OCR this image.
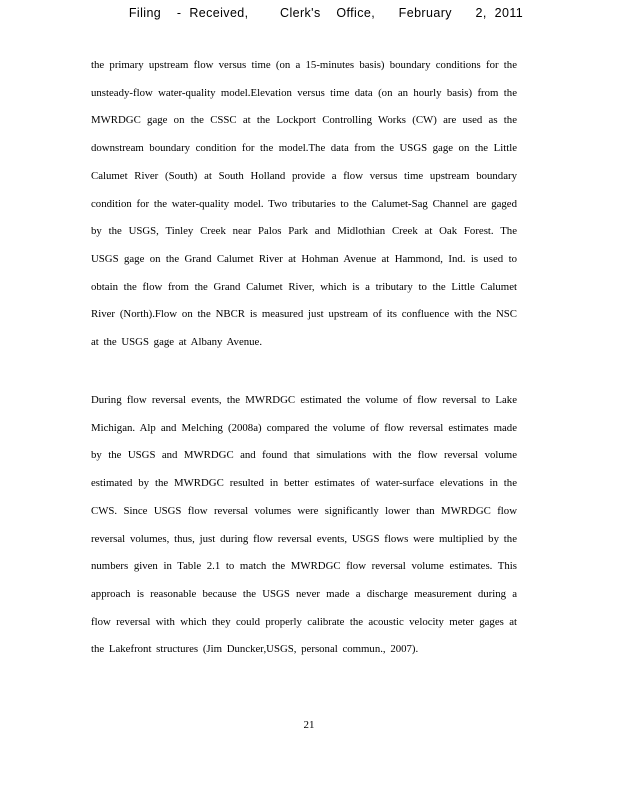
Filing  - Received,    Clerk's  Office,   February   2, 2011

the primary upstream flow versus time (on a 15-minutes basis) boundary conditions for the unsteady-flow water-quality model.Elevation versus time data (on an hourly basis) from the MWRDGC gage on the CSSC at the Lockport Controlling Works (CW) are used as the downstream boundary condition for the model.The data from the USGS gage on the Little Calumet River (South) at South Holland provide a flow versus time upstream boundary condition for the water-quality model. Two tributaries to the Calumet-Sag Channel are gaged by the USGS, Tinley Creek near Palos Park and Midlothian Creek at Oak Forest. The USGS gage on the Grand Calumet River at Hohman Avenue at Hammond, Ind. is used to obtain the flow from the Grand Calumet River, which is a tributary to the Little Calumet River (North).Flow on the NBCR is measured just upstream of its confluence with the NSC at the USGS gage at Albany Avenue.

During flow reversal events, the MWRDGC estimated the volume of flow reversal to Lake Michigan. Alp and Melching (2008a) compared the volume of flow reversal estimates made by the USGS and MWRDGC and found that simulations with the flow reversal volume estimated by the MWRDGC resulted in better estimates of water-surface elevations in the CWS. Since USGS flow reversal volumes were significantly lower than MWRDGC flow reversal volumes, thus, just during flow reversal events, USGS flows were multiplied by the numbers given in Table 2.1 to match the MWRDGC flow reversal volume estimates. This approach is reasonable because the USGS never made a discharge measurement during a flow reversal with which they could properly calibrate the acoustic velocity meter gages at the Lakefront structures (Jim Duncker,USGS, personal commun., 2007).

21
